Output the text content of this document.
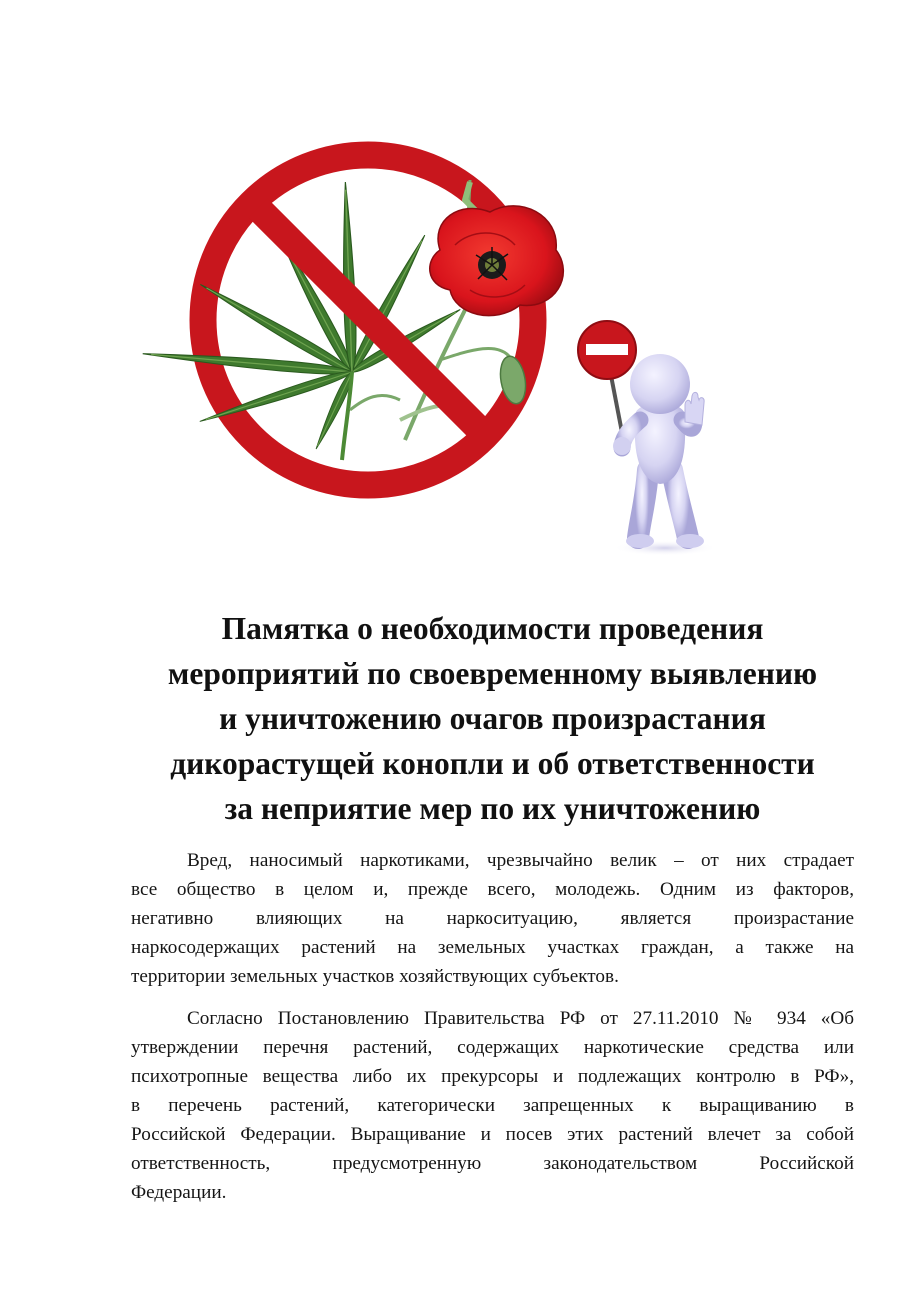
Памятка о необходимости проведения
мероприятий по своевременному выявлению
и уничтожению очагов произрастания
дикорастущей конопли и об ответственности
за неприятие мер по их уничтожению

Вред, наносимый наркотиками, чрезвычайно велик – от них страдает
все общество в целом и, прежде всего, молодежь. Одним из факторов,
негативно влияющих на наркоситуацию, является произрастание
наркосодержащих растений на земельных участках граждан, а также на
территории земельных участков хозяйствующих субъектов.

Согласно Постановлению Правительства РФ от 27.11.2010 № 934 «Об
утверждении перечня растений, содержащих наркотические средства или
психотропные вещества либо их прекурсоры и подлежащих контролю в РФ»,
в перечень растений, категорически запрещенных к выращиванию в
Российской Федерации. Выращивание и посев этих растений влечет за собой
ответственность, предусмотренную законодательством Российской
Федерации.
